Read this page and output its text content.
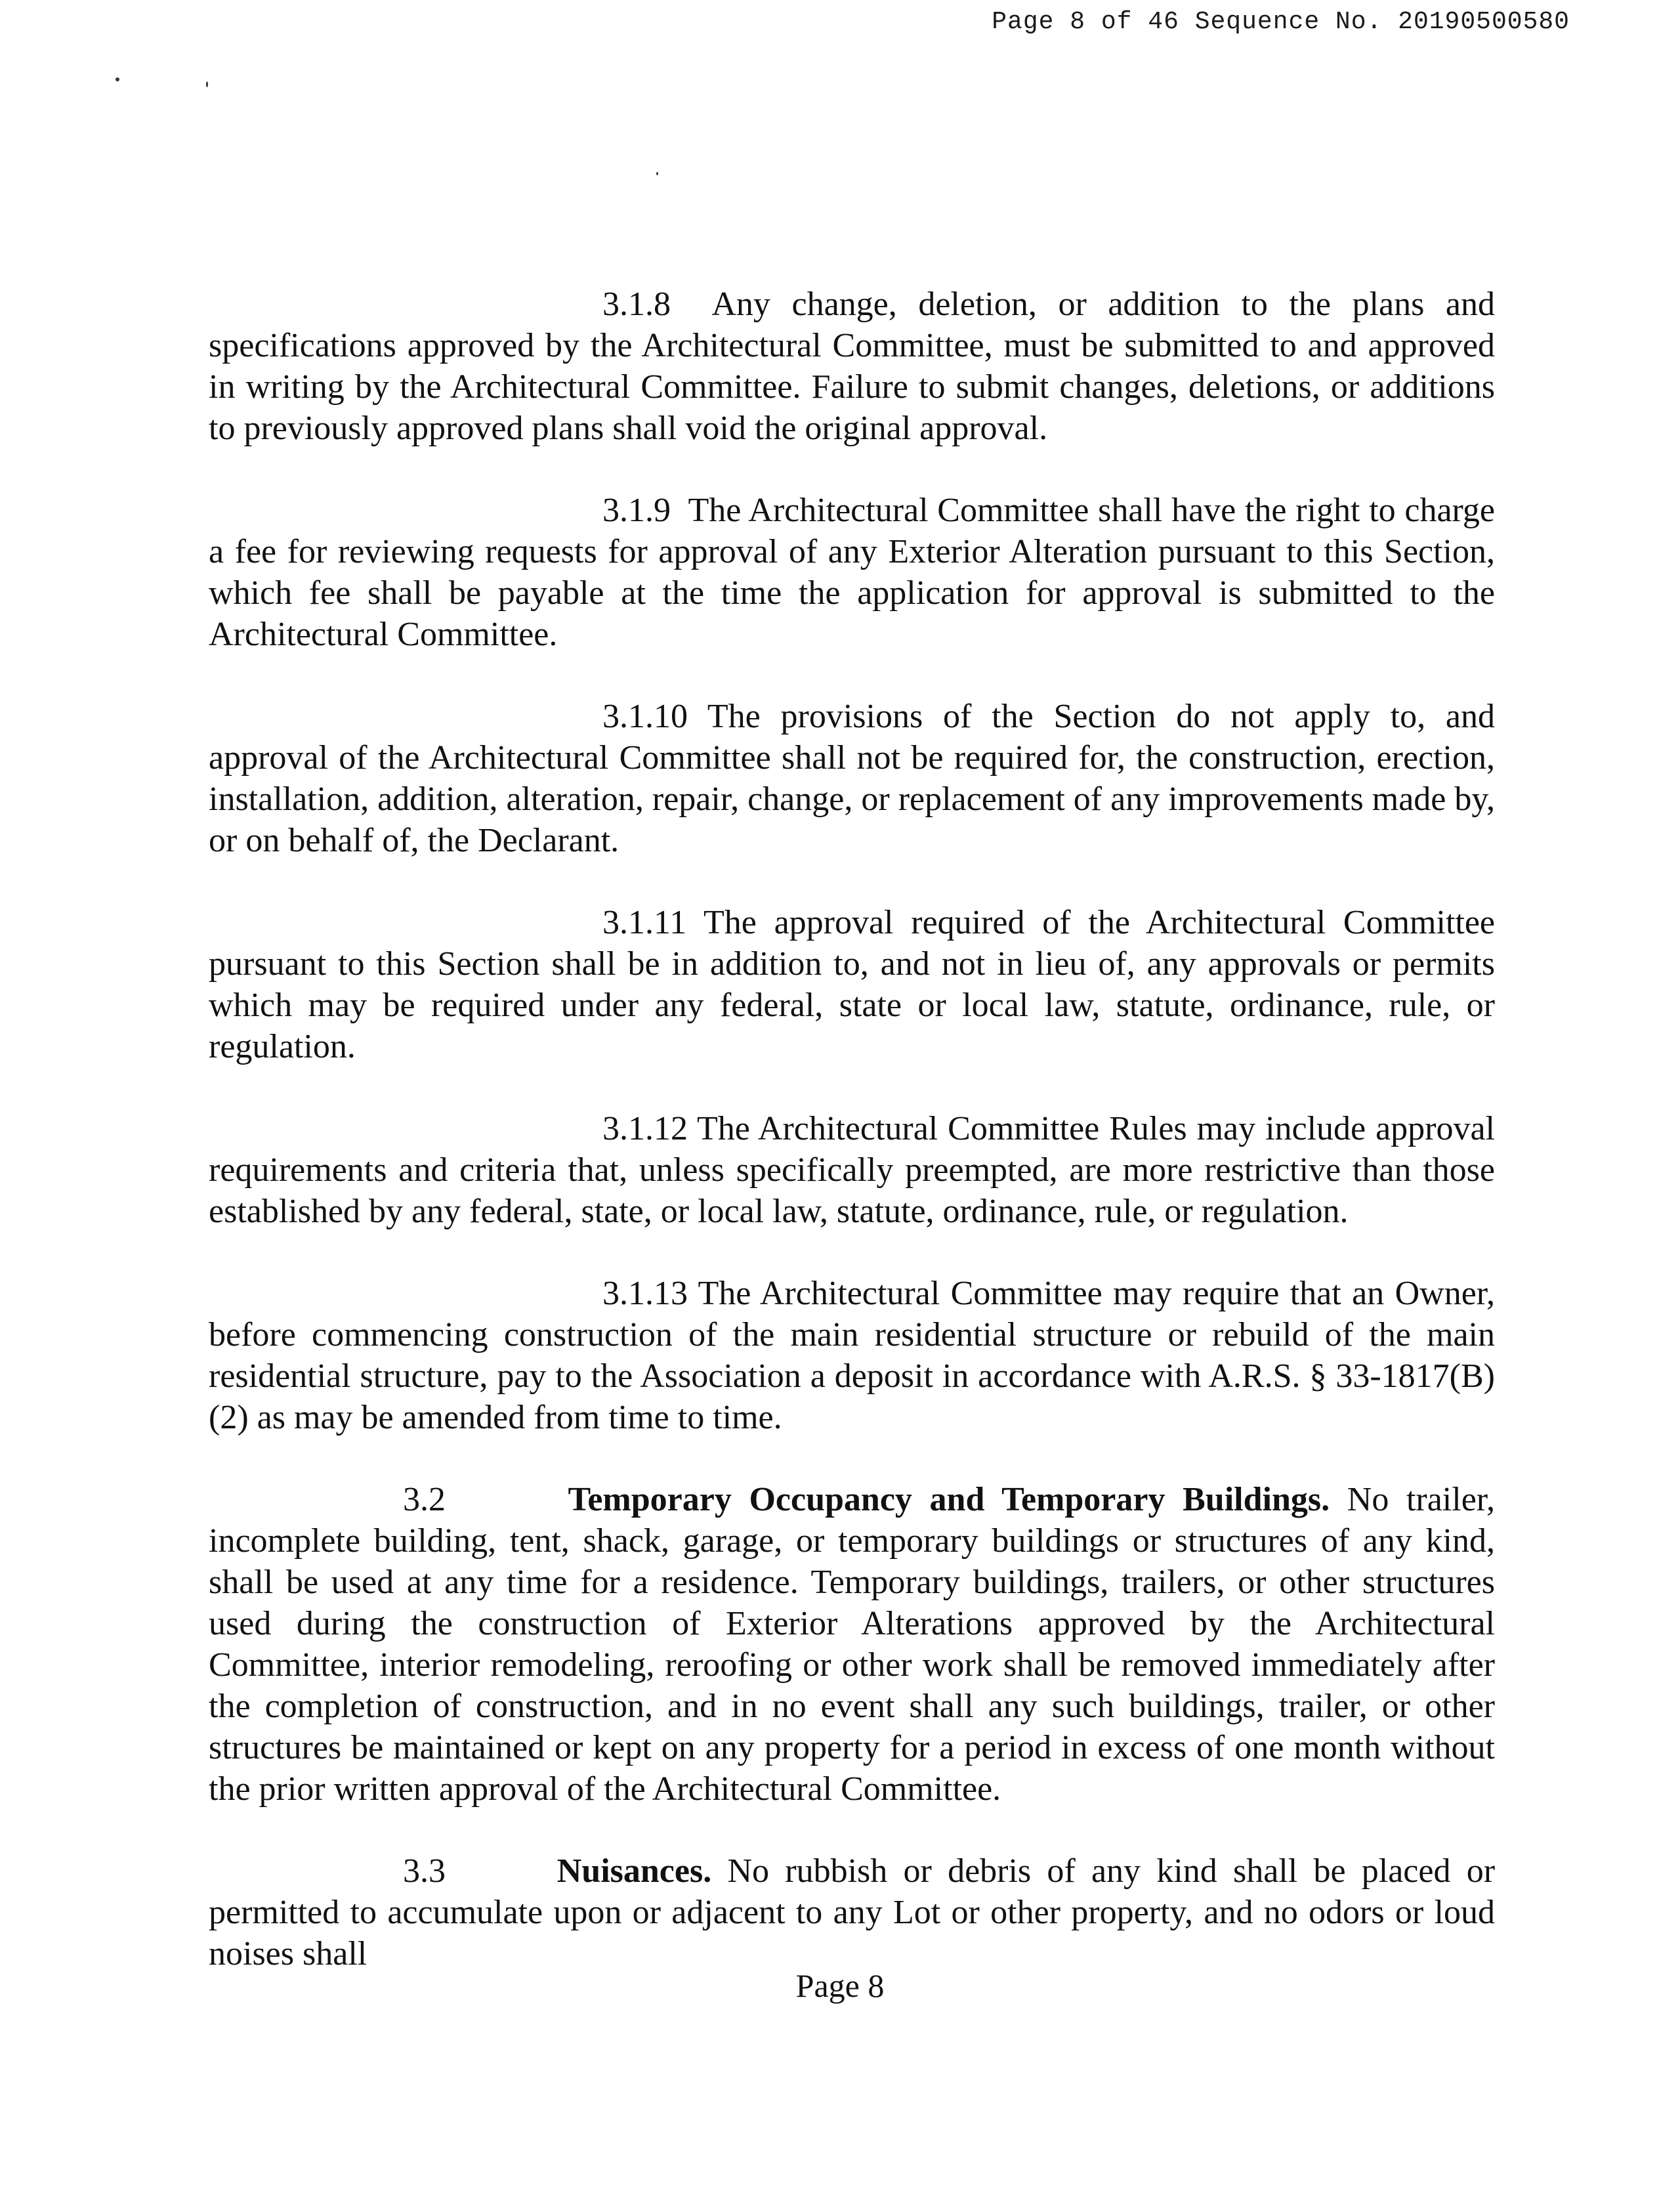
Page 8 of 46 Sequence No. 20190500580

3.1.8 Any change, deletion, or addition to the plans and specifications approved by the Architectural Committee, must be submitted to and approved in writing by the Architectural Committee. Failure to submit changes, deletions, or additions to previously approved plans shall void the original approval.

3.1.9 The Architectural Committee shall have the right to charge a fee for reviewing requests for approval of any Exterior Alteration pursuant to this Section, which fee shall be payable at the time the application for approval is submitted to the Architectural Committee.

3.1.10 The provisions of the Section do not apply to, and approval of the Architectural Committee shall not be required for, the construction, erection, installation, addition, alteration, repair, change, or replacement of any improvements made by, or on behalf of, the Declarant.

3.1.11 The approval required of the Architectural Committee pursuant to this Section shall be in addition to, and not in lieu of, any approvals or permits which may be required under any federal, state or local law, statute, ordinance, rule, or regulation.

3.1.12 The Architectural Committee Rules may include approval requirements and criteria that, unless specifically preempted, are more restrictive than those established by any federal, state, or local law, statute, ordinance, rule, or regulation.

3.1.13 The Architectural Committee may require that an Owner, before commencing construction of the main residential structure or rebuild of the main residential structure, pay to the Association a deposit in accordance with A.R.S. § 33-1817(B)(2) as may be amended from time to time.

3.2	Temporary Occupancy and Temporary Buildings. No trailer, incomplete building, tent, shack, garage, or temporary buildings or structures of any kind, shall be used at any time for a residence. Temporary buildings, trailers, or other structures used during the construction of Exterior Alterations approved by the Architectural Committee, interior remodeling, reroofing or other work shall be removed immediately after the completion of construction, and in no event shall any such buildings, trailer, or other structures be maintained or kept on any property for a period in excess of one month without the prior written approval of the Architectural Committee.

3.3	Nuisances. No rubbish or debris of any kind shall be placed or permitted to accumulate upon or adjacent to any Lot or other property, and no odors or loud noises shall

Page 8
